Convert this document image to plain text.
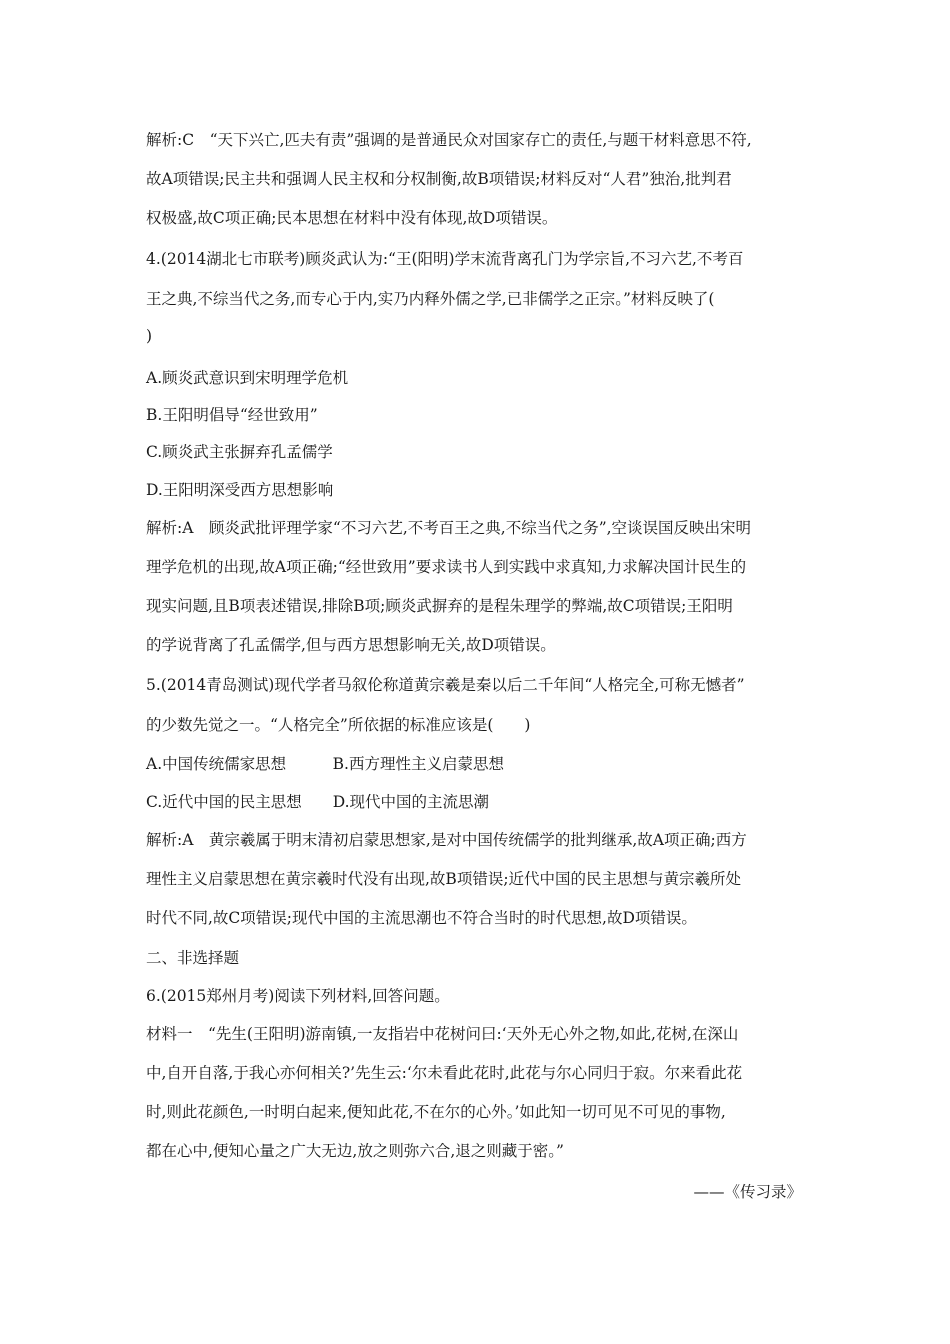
解析:C　“天下兴亡,匹夫有责”强调的是普通民众对国家存亡的责任,与题干材料意思不符,
故A项错误;民主共和强调人民主权和分权制衡,故B项错误;材料反对“人君”独治,批判君
权极盛,故C项正确;民本思想在材料中没有体现,故D项错误。
4.(2014湖北七市联考)顾炎武认为:“王(阳明)学末流背离孔门为学宗旨,不习六艺,不考百
王之典,不综当代之务,而专心于内,实乃内释外儒之学,已非儒学之正宗。”材料反映了(
)
A.顾炎武意识到宋明理学危机
B.王阳明倡导“经世致用”
C.顾炎武主张摒弃孔孟儒学
D.王阳明深受西方思想影响
解析:A　顾炎武批评理学家“不习六艺,不考百王之典,不综当代之务”,空谈误国反映出宋明
理学危机的出现,故A项正确;“经世致用”要求读书人到实践中求真知,力求解决国计民生的
现实问题,且B项表述错误,排除B项;顾炎武摒弃的是程朱理学的弊端,故C项错误;王阳明
的学说背离了孔孟儒学,但与西方思想影响无关,故D项错误。
5.(2014青岛测试)现代学者马叙伦称道黄宗羲是秦以后二千年间“人格完全,可称无憾者”
的少数先觉之一。“人格完全”所依据的标准应该是(　　)
A.中国传统儒家思想　　　B.西方理性主义启蒙思想
C.近代中国的民主思想　　D.现代中国的主流思潮
解析:A　黄宗羲属于明末清初启蒙思想家,是对中国传统儒学的批判继承,故A项正确;西方
理性主义启蒙思想在黄宗羲时代没有出现,故B项错误;近代中国的民主思想与黄宗羲所处
时代不同,故C项错误;现代中国的主流思潮也不符合当时的时代思想,故D项错误。
二、非选择题
6.(2015郑州月考)阅读下列材料,回答问题。
材料一　“先生(王阳明)游南镇,一友指岩中花树问曰:‘天外无心外之物,如此,花树,在深山
中,自开自落,于我心亦何相关?’先生云:‘尔未看此花时,此花与尔心同归于寂。尔来看此花
时,则此花颜色,一时明白起来,便知此花,不在尔的心外。’如此知一切可见不可见的事物,
都在心中,便知心量之广大无边,放之则弥六合,退之则藏于密。”
——《传习录》
